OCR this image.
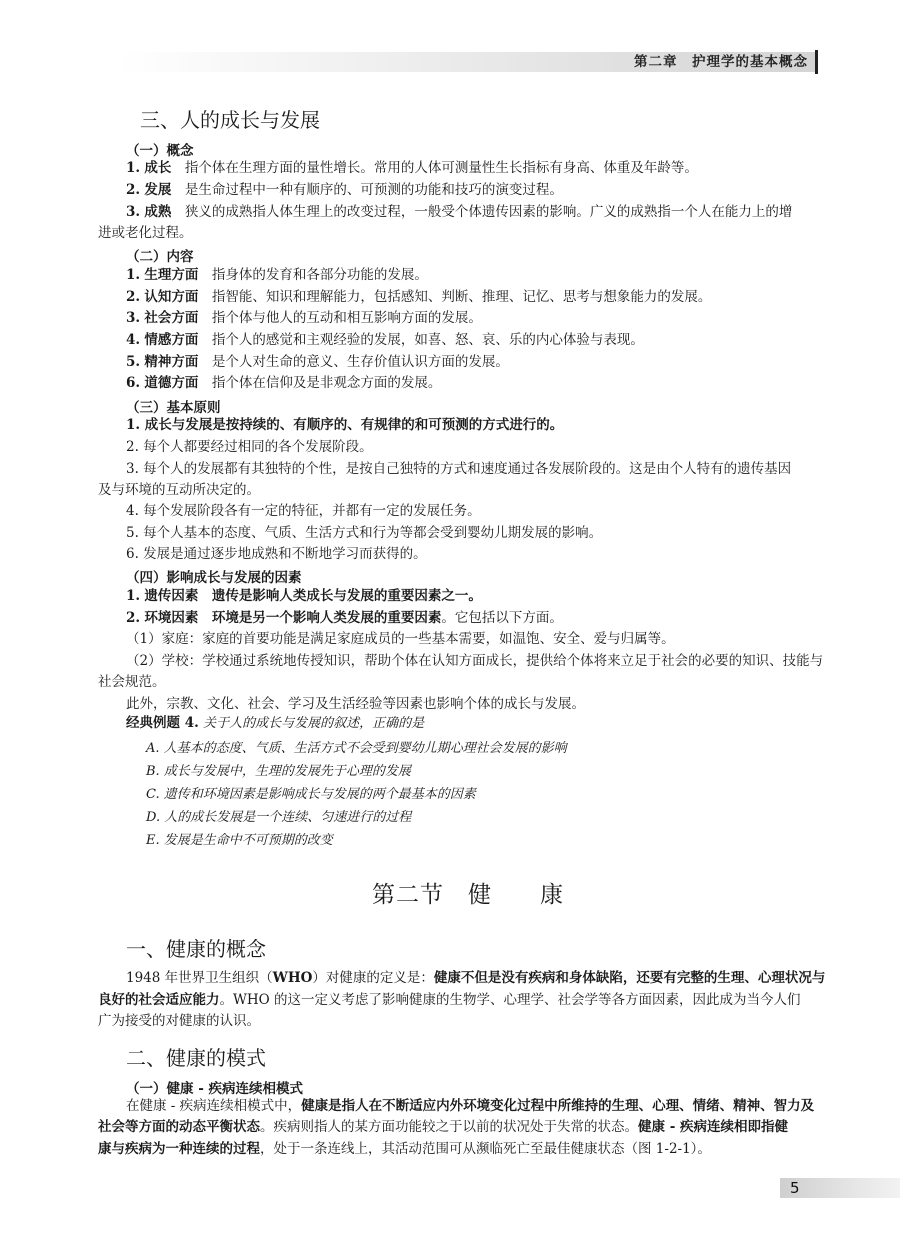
第二章　护理学的基本概念
三、人的成长与发展
（一）概念
1. 成长　 指个体在生理方面的量性增长。常用的人体可测量性生长指标有身高、体重及年龄等。
2. 发展　 是生命过程中一种有顺序的、可预测的功能和技巧的演变过程。
3. 成熟　 狭义的成熟指人体生理上的改变过程，一般受个体遗传因素的影响。广义的成熟指一个人在能力上的增
进或老化过程。
（二）内容
1. 生理方面　 指身体的发育和各部分功能的发展。
2. 认知方面　 指智能、知识和理解能力，包括感知、判断、推理、记忆、思考与想象能力的发展。
3. 社会方面　 指个体与他人的互动和相互影响方面的发展。
4. 情感方面　 指个人的感觉和主观经验的发展，如喜、怒、哀、乐的内心体验与表现。
5. 精神方面　 是个人对生命的意义、生存价值认识方面的发展。
6. 道德方面　 指个体在信仰及是非观念方面的发展。
（三）基本原则
1. 成长与发展是按持续的、有顺序的、有规律的和可预测的方式进行的。
2. 每个人都要经过相同的各个发展阶段。
3. 每个人的发展都有其独特的个性，是按自己独特的方式和速度通过各发展阶段的。这是由个人特有的遗传基因
及与环境的互动所决定的。
4. 每个发展阶段各有一定的特征，并都有一定的发展任务。
5. 每个人基本的态度、气质、生活方式和行为等都会受到婴幼儿期发展的影响。
6. 发展是通过逐步地成熟和不断地学习而获得的。
（四）影响成长与发展的因素
1. 遗传因素　 遗传是影响人类成长与发展的重要因素之一。
2. 环境因素　 环境是另一个影响人类发展的重要因素。它包括以下方面。
（1）家庭：家庭的首要功能是满足家庭成员的一些基本需要，如温饱、安全、爱与归属等。
（2）学校：学校通过系统地传授知识，帮助个体在认知方面成长，提供给个体将来立足于社会的必要的知识、技能与
社会规范。
此外，宗教、文化、社会、学习及生活经验等因素也影响个体的成长与发展。
经典例题 4. 关于人的成长与发展的叙述，正确的是
A. 人基本的态度、气质、生活方式不会受到婴幼儿期心理社会发展的影响
B. 成长与发展中，生理的发展先于心理的发展
C. 遗传和环境因素是影响成长与发展的两个最基本的因素
D. 人的成长发展是一个连续、匀速进行的过程
E. 发展是生命中不可预期的改变
第二节　健　　康
一、健康的概念
1948 年世界卫生组织（WHO）对健康的定义是：健康不但是没有疾病和身体缺陷，还要有完整的生理、心理状况与
良好的社会适应能力。WHO 的这一定义考虑了影响健康的生物学、心理学、社会学等各方面因素，因此成为当今人们
广为接受的对健康的认识。
二、健康的模式
（一）健康 - 疾病连续相模式
在健康 - 疾病连续相模式中，健康是指人在不断适应内外环境变化过程中所维持的生理、心理、情绪、精神、智力及
社会等方面的动态平衡状态。疾病则指人的某方面功能较之于以前的状况处于失常的状态。健康 - 疾病连续相即指健
康与疾病为一种连续的过程，处于一条连线上，其活动范围可从濒临死亡至最佳健康状态（图 1-2-1）。
5
